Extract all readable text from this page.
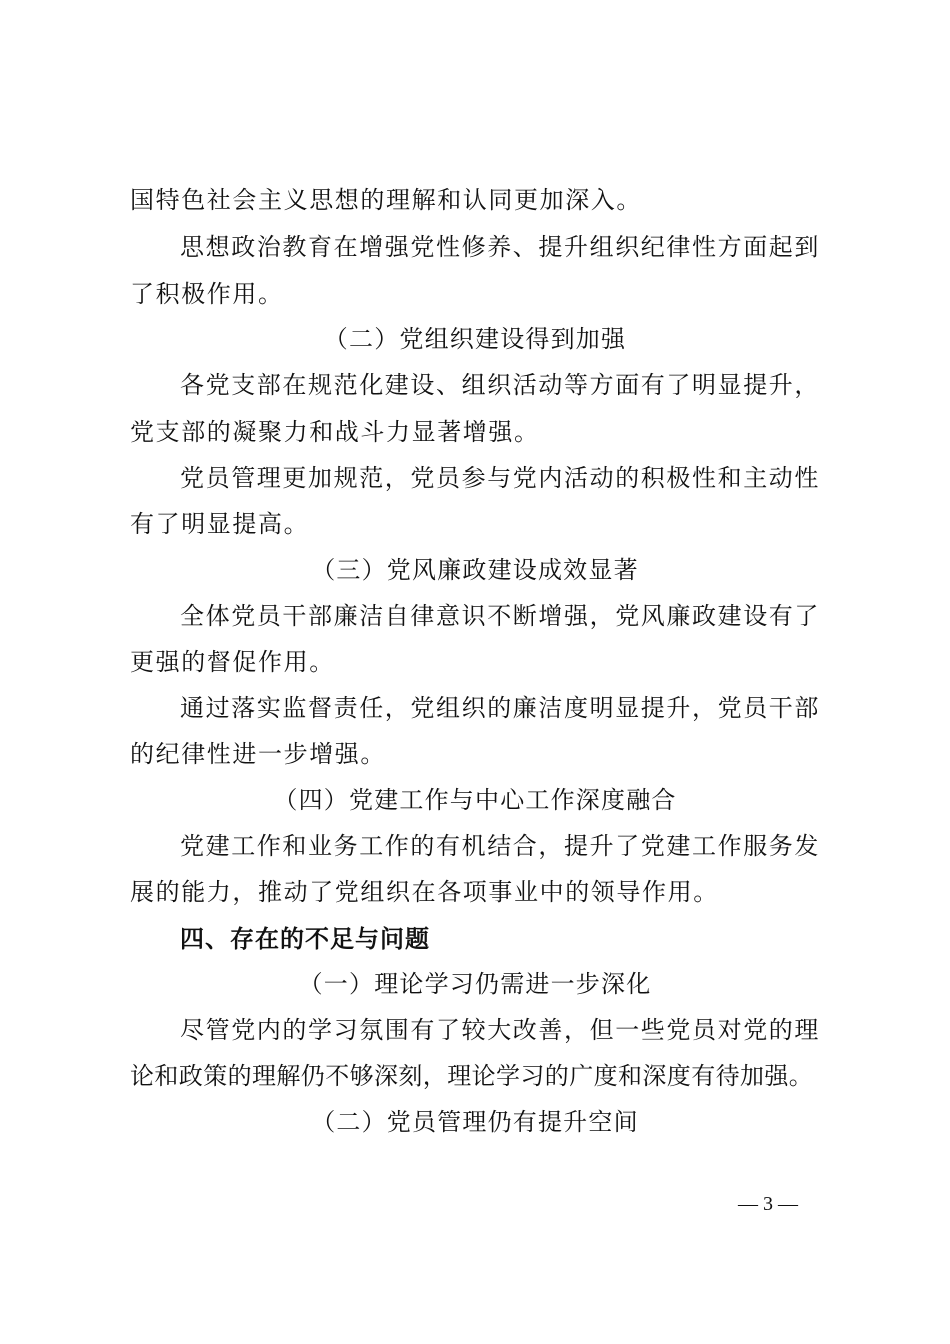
国特色社会主义思想的理解和认同更加深入。
思想政治教育在增强党性修养、提升组织纪律性方面起到
了积极作用。
（二）党组织建设得到加强
各党支部在规范化建设、组织活动等方面有了明显提升，
党支部的凝聚力和战斗力显著增强。
党员管理更加规范，党员参与党内活动的积极性和主动性
有了明显提高。
（三）党风廉政建设成效显著
全体党员干部廉洁自律意识不断增强，党风廉政建设有了
更强的督促作用。
通过落实监督责任，党组织的廉洁度明显提升，党员干部
的纪律性进一步增强。
（四）党建工作与中心工作深度融合
党建工作和业务工作的有机结合，提升了党建工作服务发
展的能力，推动了党组织在各项事业中的领导作用。
四、存在的不足与问题
（一）理论学习仍需进一步深化
尽管党内的学习氛围有了较大改善，但一些党员对党的理
论和政策的理解仍不够深刻，理论学习的广度和深度有待加强。
（二）党员管理仍有提升空间
— 3 —
